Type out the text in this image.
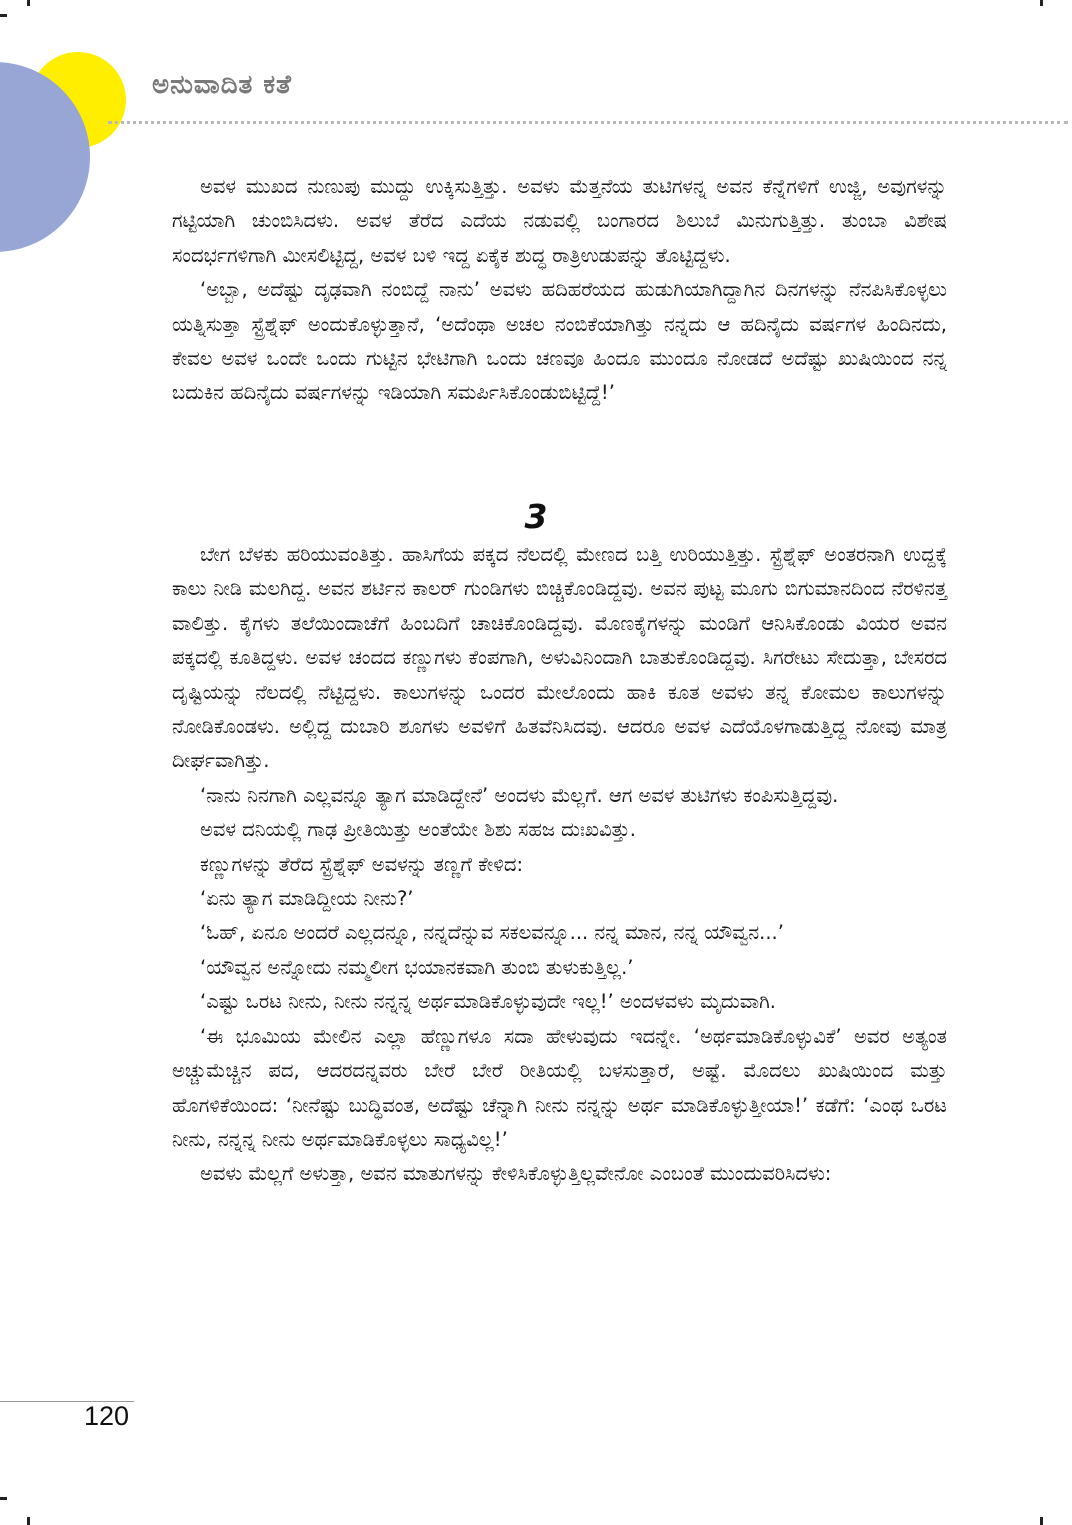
ಅನುವಾದಿತ ಕತೆ

ಅವಳ ಮುಖದ ನುಣುಪು ಮುದ್ದು ಉಕ್ಕಿಸುತ್ತಿತ್ತು. ಅವಳು ಮೆತ್ತನೆಯ ತುಟಿಗಳನ್ನ ಅವನ ಕೆನ್ನೆಗಳಿಗೆ ಉಜ್ಜಿ, ಅವುಗಳನ್ನು ಗಟ್ಟಿಯಾಗಿ ಚುಂಬಿಸಿದಳು. ಅವಳ ತೆರೆದ ಎದೆಯ ನಡುವಲ್ಲಿ ಬಂಗಾರದ ಶಿಲುಬೆ ಮಿನುಗುತ್ತಿತ್ತು. ತುಂಬಾ ವಿಶೇಷ ಸಂದರ್ಭಗಳಿಗಾಗಿ ಮೀಸಲಿಟ್ಟಿದ್ದ, ಅವಳ ಬಳಿ ಇದ್ದ ಏಕೈಕ ಶುದ್ಧ ರಾತ್ರಿಉಡುಪನ್ನು ತೊಟ್ಟಿದ್ದಳು.

‘ಅಬ್ಬಾ, ಅದೆಷ್ಟು ದೃಢವಾಗಿ ನಂಬಿದ್ದೆ ನಾನು’ ಅವಳು ಹದಿಹರೆಯದ ಹುಡುಗಿಯಾಗಿದ್ದಾಗಿನ ದಿನಗಳನ್ನು ನೆನಪಿಸಿಕೊಳ್ಳಲು ಯತ್ನಿಸುತ್ತಾ ಸ್ಟ್ರೆಶ್ನೆಫ್ ಅಂದುಕೊಳ್ಳುತ್ತಾನೆ, ‘ಅದೆಂಥಾ ಅಚಲ ನಂಬಿಕೆಯಾಗಿತ್ತು ನನ್ನದು ಆ ಹದಿನೈದು ವರ್ಷಗಳ ಹಿಂದಿನದು, ಕೇವಲ ಅವಳ ಒಂದೇ ಒಂದು ಗುಟ್ಟಿನ ಭೇಟಿಗಾಗಿ ಒಂದು ಚಣವೂ ಹಿಂದೂ ಮುಂದೂ ನೋಡದೆ ಅದೆಷ್ಟು ಖುಷಿಯಿಂದ ನನ್ನ ಬದುಕಿನ ಹದಿನೈದು ವರ್ಷಗಳನ್ನು ಇಡಿಯಾಗಿ ಸಮರ್ಪಿಸಿಕೊಂಡುಬಿಟ್ಟಿದ್ದೆ!’

3

ಬೇಗ ಬೆಳಕು ಹರಿಯುವಂತಿತ್ತು. ಹಾಸಿಗೆಯ ಪಕ್ಕದ ನೆಲದಲ್ಲಿ ಮೇಣದ ಬತ್ತಿ ಉರಿಯುತ್ತಿತ್ತು. ಸ್ಟ್ರೆಶ್ನೆಫ್ ಅಂತರನಾಗಿ ಉದ್ದಕ್ಕೆ ಕಾಲು ನೀಡಿ ಮಲಗಿದ್ದ. ಅವನ ಶರ್ಟಿನ ಕಾಲರ್ ಗುಂಡಿಗಳು ಬಿಚ್ಚಿಕೊಂಡಿದ್ದವು. ಅವನ ಪುಟ್ಟ ಮೂಗು ಬಿಗುಮಾನದಿಂದ ನೆರಳಿನತ್ತ ವಾಲಿತ್ತು. ಕೈಗಳು ತಲೆಯಿಂದಾಚೆಗೆ ಹಿಂಬದಿಗೆ ಚಾಚಿಕೊಂಡಿದ್ದವು. ಮೊಣಕೈಗಳನ್ನು ಮಂಡಿಗೆ ಆನಿಸಿಕೊಂಡು ವಿಯರ ಅವನ ಪಕ್ಕದಲ್ಲಿ ಕೂತಿದ್ದಳು. ಅವಳ ಚಂದದ ಕಣ್ಣುಗಳು ಕೆಂಪಗಾಗಿ, ಅಳುವಿನಿಂದಾಗಿ ಬಾತುಕೊಂಡಿದ್ದವು. ಸಿಗರೇಟು ಸೇದುತ್ತಾ, ಬೇಸರದ ದೃಷ್ಟಿಯನ್ನು ನೆಲದಲ್ಲಿ ನೆಟ್ಟಿದ್ದಳು. ಕಾಲುಗಳನ್ನು ಒಂದರ ಮೇಲೊಂದು ಹಾಕಿ ಕೂತ ಅವಳು ತನ್ನ ಕೋಮಲ ಕಾಲುಗಳನ್ನು ನೋಡಿಕೊಂಡಳು. ಅಲ್ಲಿದ್ದ ದುಬಾರಿ ಶೂಗಳು ಅವಳಿಗೆ ಹಿತವೆನಿಸಿದವು. ಆದರೂ ಅವಳ ಎದೆಯೊಳಗಾಡುತ್ತಿದ್ದ ನೋವು ಮಾತ್ರ ದೀರ್ಘವಾಗಿತ್ತು.

‘ನಾನು ನಿನಗಾಗಿ ಎಲ್ಲವನ್ನೂ ತ್ಯಾಗ ಮಾಡಿದ್ದೇನೆ’ ಅಂದಳು ಮೆಲ್ಲಗೆ. ಆಗ ಅವಳ ತುಟಿಗಳು ಕಂಪಿಸುತ್ತಿದ್ದವು.

ಅವಳ ದನಿಯಲ್ಲಿ ಗಾಢ ಪ್ರೀತಿಯಿತ್ತು ಅಂತೆಯೇ ಶಿಶು ಸಹಜ ದುಃಖವಿತ್ತು.

ಕಣ್ಣುಗಳನ್ನು ತೆರೆದ ಸ್ಟ್ರೆಶ್ನೆಫ್ ಅವಳನ್ನು ತಣ್ಣಗೆ ಕೇಳಿದ:

‘ಏನು ತ್ಯಾಗ ಮಾಡಿದ್ದೀಯ ನೀನು?’

‘ಓಹ್, ಏನೂ ಅಂದರೆ ಎಲ್ಲದನ್ನೂ, ನನ್ನದೆನ್ನುವ ಸಕಲವನ್ನೂ... ನನ್ನ ಮಾನ, ನನ್ನ ಯೌವ್ವನ...’

‘ಯೌವ್ವನ ಅನ್ನೋದು ನಮ್ಮಲೀಗ ಭಯಾನಕವಾಗಿ ತುಂಬಿ ತುಳುಕುತ್ತಿಲ್ಲ.’

‘ಎಷ್ಟು ಒರಟ ನೀನು, ನೀನು ನನ್ನನ್ನ ಅರ್ಥಮಾಡಿಕೊಳ್ಳುವುದೇ ಇಲ್ಲ!’ ಅಂದಳವಳು ಮೃದುವಾಗಿ.

‘ಈ ಭೂಮಿಯ ಮೇಲಿನ ಎಲ್ಲಾ ಹೆಣ್ಣುಗಳೂ ಸದಾ ಹೇಳುವುದು ಇದನ್ನೇ. ‘ಅರ್ಥಮಾಡಿಕೊಳ್ಳುವಿಕೆ’ ಅವರ ಅತ್ಯಂತ ಅಚ್ಚುಮೆಚ್ಚಿನ ಪದ, ಆದರದನ್ನವರು ಬೇರೆ ಬೇರೆ ರೀತಿಯಲ್ಲಿ ಬಳಸುತ್ತಾರೆ, ಅಷ್ಟೆ. ಮೊದಲು ಖುಷಿಯಿಂದ ಮತ್ತು ಹೊಗಳಿಕೆಯಿಂದ: ‘ನೀನೆಷ್ಟು ಬುದ್ಧಿವಂತ, ಅದೆಷ್ಟು ಚೆನ್ನಾಗಿ ನೀನು ನನ್ನನ್ನು ಅರ್ಥ ಮಾಡಿಕೊಳ್ಳುತ್ತೀಯಾ!’ ಕಡೆಗೆ: ‘ಎಂಥ ಒರಟ ನೀನು, ನನ್ನನ್ನ ನೀನು ಅರ್ಥಮಾಡಿಕೊಳ್ಳಲು ಸಾಧ್ಯವಿಲ್ಲ!’

ಅವಳು ಮೆಲ್ಲಗೆ ಅಳುತ್ತಾ, ಅವನ ಮಾತುಗಳನ್ನು ಕೇಳಿಸಿಕೊಳ್ಳುತ್ತಿಲ್ಲವೇನೋ ಎಂಬಂತೆ ಮುಂದುವರಿಸಿದಳು:

120
